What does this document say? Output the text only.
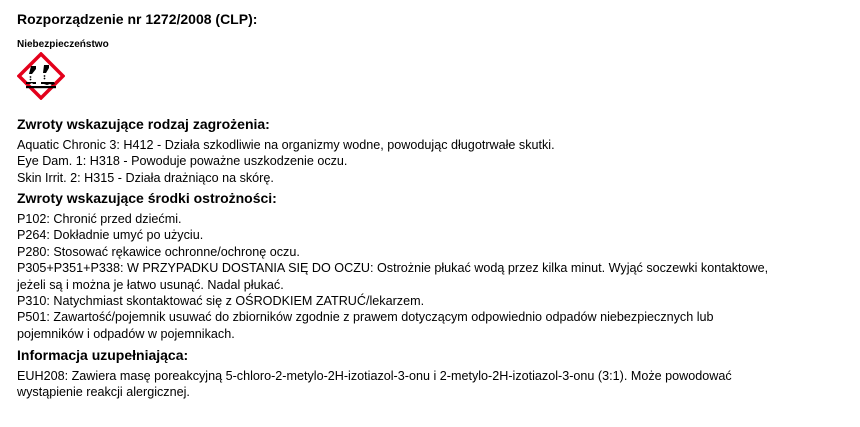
Rozporządzenie nr 1272/2008 (CLP):
Niebezpieczeństwo
Zwroty wskazujące rodzaj zagrożenia:
Aquatic Chronic 3: H412 - Działa szkodliwie na organizmy wodne, powodując długotrwałe skutki.
Eye Dam. 1: H318 - Powoduje poważne uszkodzenie oczu.
Skin Irrit. 2: H315 - Działa drażniąco na skórę.
Zwroty wskazujące środki ostrożności:
P102: Chronić przed dziećmi.
P264: Dokładnie umyć po użyciu.
P280: Stosować rękawice ochronne/ochronę oczu.
P305+P351+P338: W PRZYPADKU DOSTANIA SIĘ DO OCZU: Ostrożnie płukać wodą przez kilka minut. Wyjąć soczewki kontaktowe,
jeżeli są i można je łatwo usunąć. Nadal płukać.
P310: Natychmiast skontaktować się z OŚRODKIEM ZATRUĆ/lekarzem.
P501: Zawartość/pojemnik usuwać do zbiorników zgodnie z prawem dotyczącym odpowiednio odpadów niebezpiecznych lub
pojemników i odpadów w pojemnikach.
Informacja uzupełniająca:
EUH208: Zawiera masę poreakcyjną 5-chloro-2-metylo-2H-izotiazol-3-onu i 2-metylo-2H-izotiazol-3-onu (3:1). Może powodować
wystąpienie reakcji alergicznej.
